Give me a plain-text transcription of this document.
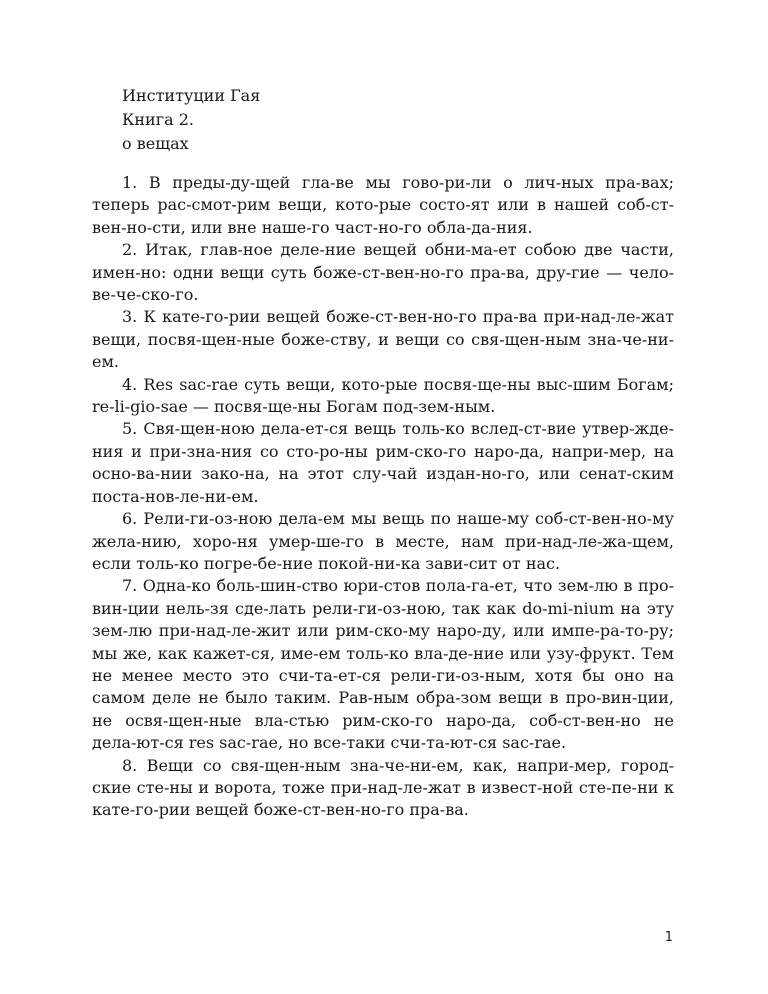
Институции Гая
Книга 2.
о вещах

1. В преды-ду-щей гла-ве мы гово-ри-ли о лич-ных пра-вах; теперь рас-смот-рим вещи, кото-рые состо-ят или в нашей соб-ст-вен-но-сти, или вне наше-го част-но-го обла-да-ния.

2. Итак, глав-ное деле-ние вещей обни-ма-ет собою две части, имен-но: одни вещи суть боже-ст-вен-но-го пра-ва, дру-гие — чело-ве-че-ско-го.

3. К кате-го-рии вещей боже-ст-вен-но-го пра-ва при-над-ле-жат вещи, посвя-щен-ные боже-ству, и вещи со свя-щен-ным зна-че-ни-ем.

4. Res sac-rae суть вещи, кото-рые посвя-ще-ны выс-шим Богам; re-li-gio-sae — посвя-ще-ны Богам под-зем-ным.

5. Свя-щен-ною дела-ет-ся вещь толь-ко вслед-ст-вие утвер-жде-ния и при-зна-ния со сто-ро-ны рим-ско-го наро-да, напри-мер, на осно-ва-нии зако-на, на этот слу-чай издан-но-го, или сенат-ским поста-нов-ле-ни-ем.

6. Рели-ги-оз-ною дела-ем мы вещь по наше-му соб-ст-вен-но-му жела-нию, хоро-ня умер-ше-го в месте, нам при-над-ле-жа-щем, если толь-ко погре-бе-ние покой-ни-ка зави-сит от нас.

7. Одна-ко боль-шин-ство юри-стов пола-га-ет, что зем-лю в про-вин-ции нель-зя сде-лать рели-ги-оз-ною, так как do-mi-nium на эту зем-лю при-над-ле-жит или рим-ско-му наро-ду, или импе-ра-то-ру; мы же, как кажет-ся, име-ем толь-ко вла-де-ние или узу-фрукт. Тем не менее место это счи-та-ет-ся рели-ги-оз-ным, хотя бы оно на самом деле не было таким. Рав-ным обра-зом вещи в про-вин-ции, не освя-щен-ные вла-стью рим-ско-го наро-да, соб-ст-вен-но не дела-ют-ся res sac-rae, но все-таки счи-та-ют-ся sac-rae.

8. Вещи со свя-щен-ным зна-че-ни-ем, как, напри-мер, город-ские сте-ны и ворота, тоже при-над-ле-жат в извест-ной сте-пе-ни к кате-го-рии вещей боже-ст-вен-но-го пра-ва.

1
